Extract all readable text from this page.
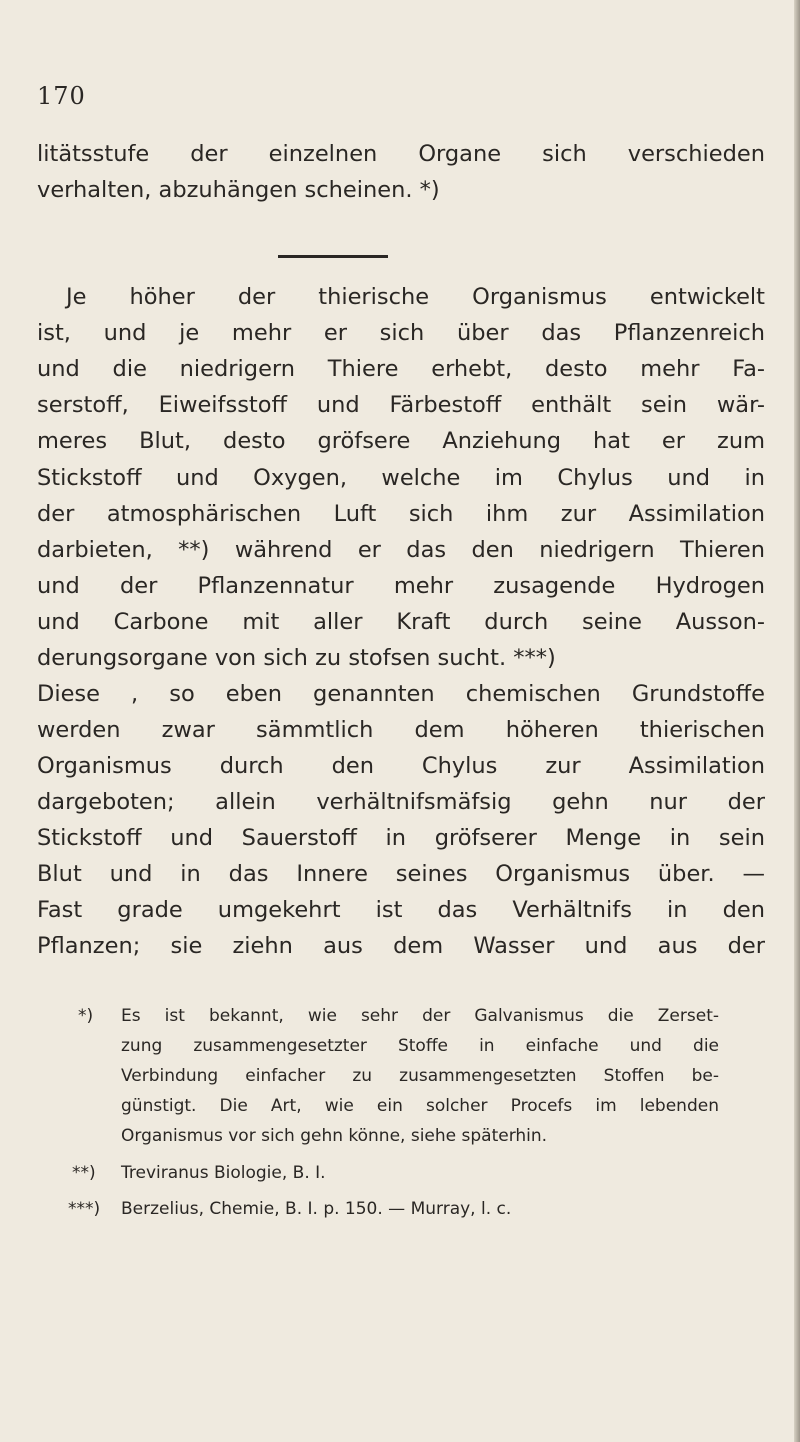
170
litätsstufe der einzelnen Organe sich verschieden
verhalten, abzuhängen scheinen. *)
Je höher der thierische Organismus entwickelt
ist, und je mehr er sich über das Pflanzenreich
und die niedrigern Thiere erhebt, desto mehr Fa-
serstoff, Eiweifsstoff und Färbestoff enthält sein wär-
meres Blut, desto gröfsere Anziehung hat er zum
Stickstoff und Oxygen, welche im Chylus und in
der atmosphärischen Luft sich ihm zur Assimilation
darbieten, **) während er das den niedrigern Thieren
und der Pflanzennatur mehr zusagende Hydrogen
und Carbone mit aller Kraft durch seine Ausson-
derungsorgane von sich zu stofsen sucht. ***)
Diese , so eben genannten chemischen Grundstoffe
werden zwar sämmtlich dem höheren thierischen
Organismus durch den Chylus zur Assimilation
dargeboten; allein verhältnifsmäfsig gehn nur der
Stickstoff und Sauerstoff in gröfserer Menge in sein
Blut und in das Innere seines Organismus über. —
Fast grade umgekehrt ist das Verhältnifs in den
Pflanzen; sie ziehn aus dem Wasser und aus der
*) Es ist bekannt, wie sehr der Galvanismus die Zerset-
zung zusammengesetzter Stoffe in einfache und die
Verbindung einfacher zu zusammengesetzten Stoffen be-
günstigt. Die Art, wie ein solcher Procefs im lebenden
Organismus vor sich gehn könne, siehe späterhin.
**) Treviranus Biologie, B. I.
***) Berzelius, Chemie, B. I. p. 150. — Murray, l. c.
